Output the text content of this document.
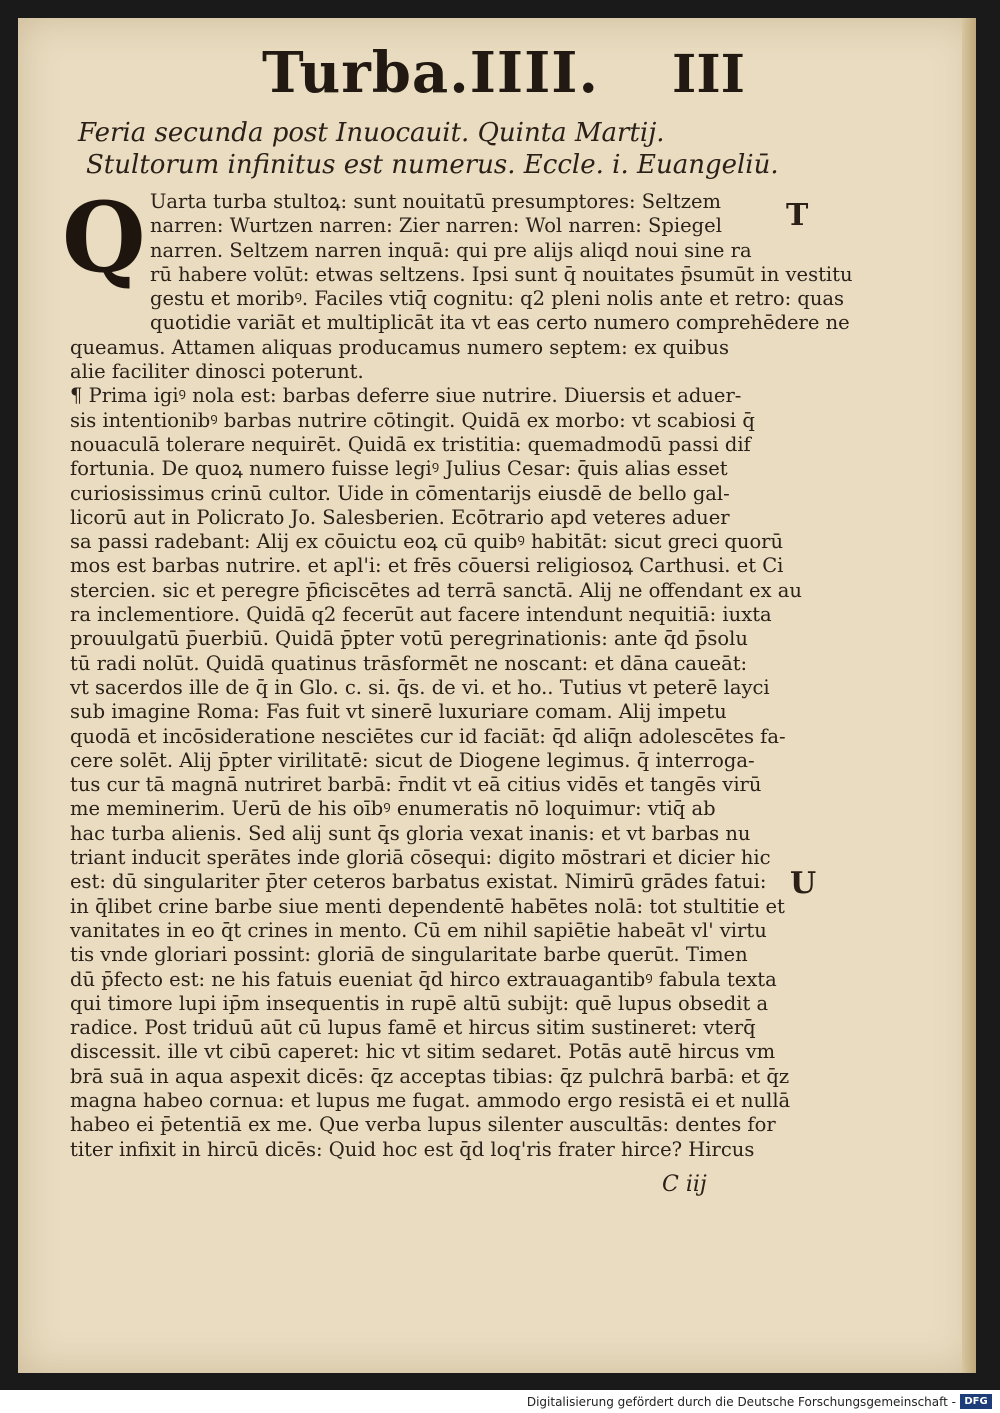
Turba.IIII. III
Feria secunda post Inuocauit. Quinta Martij.
Stultorum infinitus est numerus. Eccle. i. Euangeliū.
Q Uarta turba stultoꝝ: sunt nouitatū presumptores: Seltzem
narren: Wurtzen narren: Zier narren: Wol narren: Spiegel
narren. Seltzem narren inquā: qui pre alijs aliqd noui sine ra
rū habere volūt: etwas seltzens. Ipsi sunt q̄ nouitates p̄sumūt in vestitu
gestu et moribꝰ. Faciles vtiq̄ cognitu: q2 pleni nolis ante et retro: quas
quotidie variāt et multiplicāt ita vt eas certo numero comprehēdere ne
queamus. Attamen aliquas producamus numero septem: ex quibus
alie faciliter dinosci poterunt.
¶ Prima igiꝰ nola est: barbas deferre siue nutrire. Diuersis et aduer-
sis intentionibꝰ barbas nutrire cōtingit. Quidā ex morbo: vt scabiosi q̄
nouaculā tolerare nequirēt. Quidā ex tristitia: quemadmodū passi dif
fortunia. De quoꝝ numero fuisse legiꝰ Julius Cesar: q̄uis alias esset
curiosissimus crinū cultor. Uide in cōmentarijs eiusdē de bello gal-
licorū aut in Policrato Jo. Salesberien. Ecōtrario apd veteres aduer
sa passi radebant: Alij ex cōuictu eoꝝ cū quibꝰ habitāt: sicut greci quorū
mos est barbas nutrire. et apl'i: et frēs cōuersi religiosoꝝ Carthusi. et Ci
stercien. sic et peregre p̄ficiscētes ad terrā sanctā. Alij ne offendant ex au
ra inclementiore. Quidā q2 fecerūt aut facere intendunt nequitiā: iuxta
prouulgatū p̄uerbiū. Quidā p̄pter votū peregrinationis: ante q̄d p̄solu
tū radi nolūt. Quidā quatinus trāsformēt ne noscant: et dāna caueāt:
vt sacerdos ille de q̄ in Glo. c. si. q̄s. de vi. et ho.. Tutius vt peterē layci
sub imagine Roma: Fas fuit vt sinerē luxuriare comam. Alij impetu
quodā et incōsideratione nesciētes cur id faciāt: q̄d aliq̄n adolescētes fa-
cere solēt. Alij p̄pter virilitatē: sicut de Diogene legimus. q̄ interroga-
tus cur tā magnā nutriret barbā: r̄ndit vt eā citius vidēs et tangēs virū
me meminerim. Uerū de his oībꝰ enumeratis nō loquimur: vtiq̄ ab
hac turba alienis. Sed alij sunt q̄s gloria vexat inanis: et vt barbas nu
triant inducit sperātes inde gloriā cōsequi: digito mōstrari et dicier hic
est: dū singulariter p̄ter ceteros barbatus existat. Nimirū grādes fatui:
in q̄libet crine barbe siue menti dependentē habētes nolā: tot stultitie et
vanitates in eo q̄t crines in mento. Cū em nihil sapiētie habeāt vl' virtu
tis vnde gloriari possint: gloriā de singularitate barbe querūt. Timen
dū p̄fecto est: ne his fatuis eueniat q̄d hirco extrauagantibꝰ fabula texta
qui timore lupi ip̄m insequentis in rupē altū subijt: quē lupus obsedit a
radice. Post triduū aūt cū lupus famē et hircus sitim sustineret: vterq̄
discessit. ille vt cibū caperet: hic vt sitim sedaret. Potās autē hircus vm
brā suā in aqua aspexit dicēs: q̄z acceptas tibias: q̄z pulchrā barbā: et q̄z
magna habeo cornua: et lupus me fugat. ammodo ergo resistā ei et nullā
habeo ei p̄etentiā ex me. Que verba lupus silenter auscultās: dentes for
titer infixit in hircū dicēs: Quid hoc est q̄d loq'ris frater hirce? Hircus
T
U
C iij
Digitalisierung gefördert durch die Deutsche Forschungsgemeinschaft - DFG
